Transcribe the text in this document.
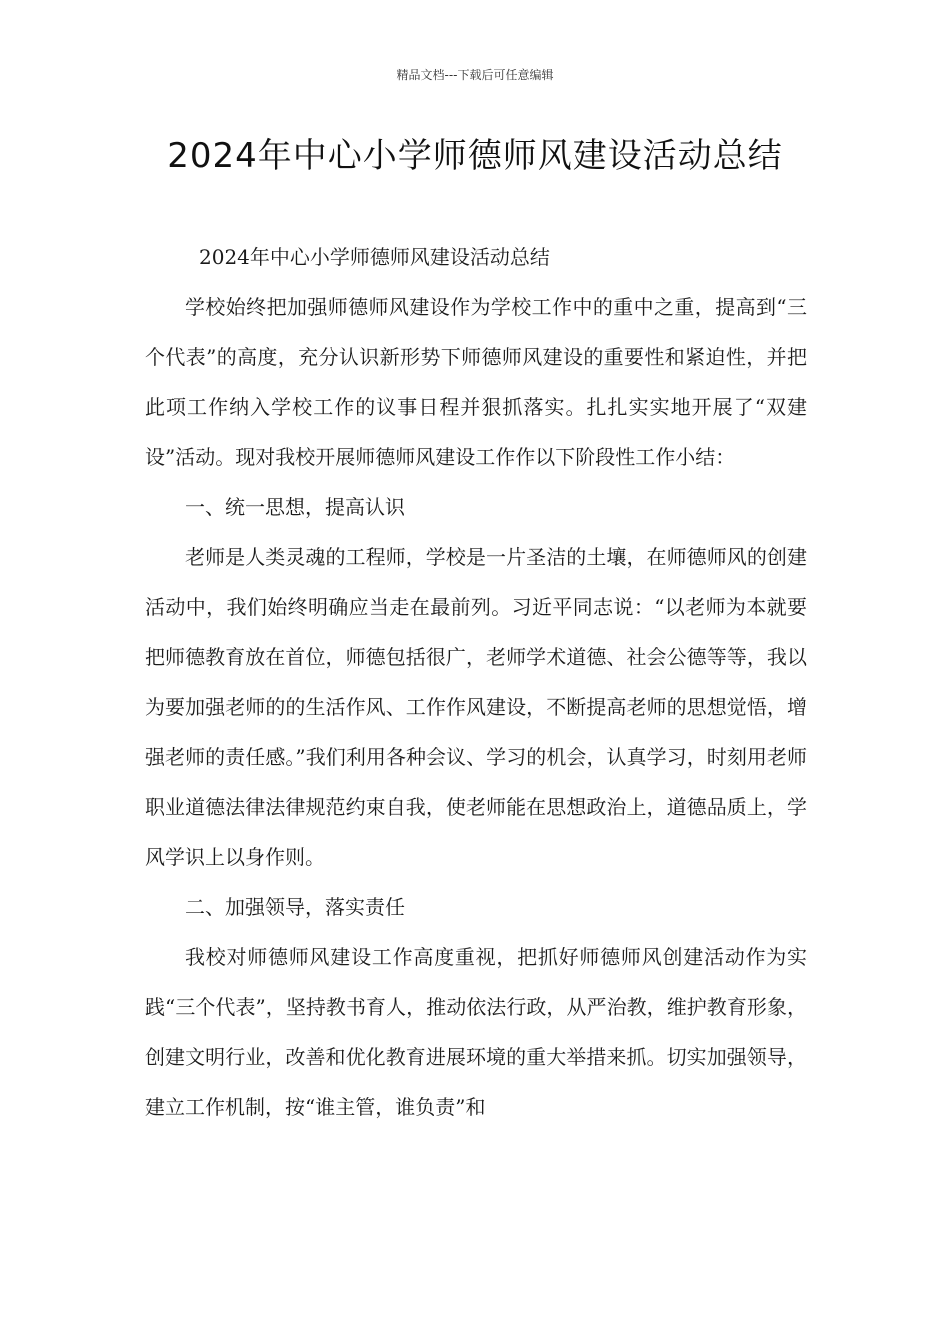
精品文档---下载后可任意编辑
2024年中心小学师德师风建设活动总结

2024年中心小学师德师风建设活动总结

学校始终把加强师德师风建设作为学校工作中的重中之重，提高到“三个代表”的高度，充分认识新形势下师德师风建设的重要性和紧迫性，并把此项工作纳入学校工作的议事日程并狠抓落实。扎扎实实地开展了“双建设”活动。现对我校开展师德师风建设工作作以下阶段性工作小结：

一、统一思想，提高认识

老师是人类灵魂的工程师，学校是一片圣洁的土壤，在师德师风的创建活动中，我们始终明确应当走在最前列。习近平同志说：“以老师为本就要把师德教育放在首位，师德包括很广，老师学术道德、社会公德等等，我以为要加强老师的的生活作风、工作作风建设，不断提高老师的思想觉悟，增强老师的责任感。”我们利用各种会议、学习的机会，认真学习，时刻用老师职业道德法律法律规范约束自我，使老师能在思想政治上，道德品质上，学风学识上以身作则。

二、加强领导，落实责任

我校对师德师风建设工作高度重视，把抓好师德师风创建活动作为实践“三个代表”，坚持教书育人，推动依法行政，从严治教，维护教育形象，创建文明行业，改善和优化教育进展环境的重大举措来抓。切实加强领导，建立工作机制，按“谁主管，谁负责”和
